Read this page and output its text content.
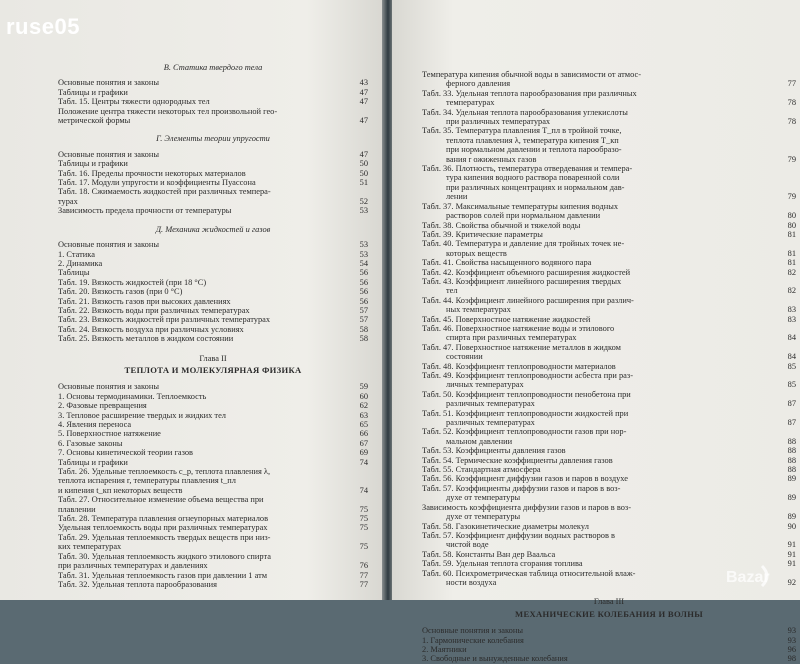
В. Статика твердого тела
Основные понятия и законы	43
Таблицы и графики	47
Табл. 15. Центры тяжести однородных тел	47
Положение центра тяжести некоторых тел произвольной гео-
метрической формы	47
Г. Элементы теории упругости
Основные понятия и законы	47
Таблицы и графики	50
Табл. 16. Пределы прочности некоторых материалов	50
Табл. 17. Модули упругости и коэффициенты Пуассона	51
Табл. 18. Сжимаемость жидкостей при различных темпера-
турах	52
Зависимость предела прочности от температуры	53
Д. Механика жидкостей и газов
Основные понятия и законы	53
1. Статика	53
2. Динамика	54
Таблицы	56
Табл. 19. Вязкость жидкостей (при 18 °C)	56
Табл. 20. Вязкость газов (при 0 °C)	56
Табл. 21. Вязкость газов при высоких давлениях	56
Табл. 22. Вязкость воды при различных температурах	57
Табл. 23. Вязкость жидкостей при различных температурах	57
Табл. 24. Вязкость воздуха при различных условиях	58
Табл. 25. Вязкость металлов в жидком состоянии	58
Глава II
ТЕПЛОТА И МОЛЕКУЛЯРНАЯ ФИЗИКА
Основные понятия и законы	59
1. Основы термодинамики. Теплоемкость	60
2. Фазовые превращения	62
3. Тепловое расширение твердых и жидких тел	63
4. Явления переноса	65
5. Поверхностное натяжение	66
6. Газовые законы	67
7. Основы кинетической теории газов	69
Таблицы и графики	74
Табл. 26. Удельные теплоемкость c_p, теплота плавления λ,
теплота испарения r, температуры плавления t_пл
и кипения t_кп некоторых веществ	74
Табл. 27. Относительное изменение объема вещества при
плавлении	75
Табл. 28. Температура плавления огнеупорных материалов	75
Удельная теплоемкость воды при различных температурах	75
Табл. 29. Удельная теплоемкость твердых веществ при низ-
ких температурах	75
Табл. 30. Удельная теплоемкость жидкого этилового спирта
при различных температурах и давлениях	76
Табл. 31. Удельная теплоемкость газов при давлении 1 атм	77
Табл. 32. Удельная теплота парообразования	77
Температура кипения обычной воды в зависимости от атмос-
ферного давления	77
Табл. 33. Удельная теплота парообразования при различных
температурах	78
Табл. 34. Удельная теплота парообразования углекислоты
при различных температурах	78
Табл. 35. Температура плавления T_пл в тройной точке,
теплота плавления λ, температура кипения T_кп
при нормальном давлении и теплота парообразо-
вания r ожиженных газов	79
Табл. 36. Плотность, температура отвердевания и темпера-
тура кипения водного раствора поваренной соли
при различных концентрациях и нормальном дав-
лении	79
Табл. 37. Максимальные температуры кипения водных
растворов солей при нормальном давлении	80
Табл. 38. Свойства обычной и тяжелой воды	80
Табл. 39. Критические параметры	81
Табл. 40. Температура и давление для тройных точек не-
которых веществ	81
Табл. 41. Свойства насыщенного водяного пара	81
Табл. 42. Коэффициент объемного расширения жидкостей	82
Табл. 43. Коэффициент линейного расширения твердых
тел	82
Табл. 44. Коэффициент линейного расширения при различ-
ных температурах	83
Табл. 45. Поверхностное натяжение жидкостей	83
Табл. 46. Поверхностное натяжение воды и этилового
спирта при различных температурах	84
Табл. 47. Поверхностное натяжение металлов в жидком
состоянии	84
Табл. 48. Коэффициент теплопроводности материалов	85
Табл. 49. Коэффициент теплопроводности асбеста при раз-
личных температурах	85
Табл. 50. Коэффициент теплопроводности пенобетона при
различных температурах	87
Табл. 51. Коэффициент теплопроводности жидкостей при
различных температурах	87
Табл. 52. Коэффициент теплопроводности газов при нор-
мальном давлении	88
Табл. 53. Коэффициенты давления газов	88
Табл. 54. Термические коэффициенты давления газов	88
Табл. 55. Стандартная атмосфера	88
Табл. 56. Коэффициент диффузии газов и паров в воздухе	89
Табл. 57. Коэффициенты диффузии газов и паров в воз-
духе от температуры	89
Зависимость коэффициента диффузии газов и паров в воз-
духе от температуры	89
Табл. 58. Газокинетические диаметры молекул	90
Табл. 57. Коэффициент диффузии водных растворов в
чистой воде	91
Табл. 58. Константы Ван дер Ваальса	91
Табл. 59. Удельная теплота сгорания топлива	91
Табл. 60. Психрометрическая таблица относительной влаж-
ности воздуха	92
Глава III
МЕХАНИЧЕСКИЕ КОЛЕБАНИЯ И ВОЛНЫ
Основные понятия и законы	93
1. Гармонические колебания	93
2. Маятники	96
3. Свободные и вынужденные колебания	98
Bazar
ruse05
